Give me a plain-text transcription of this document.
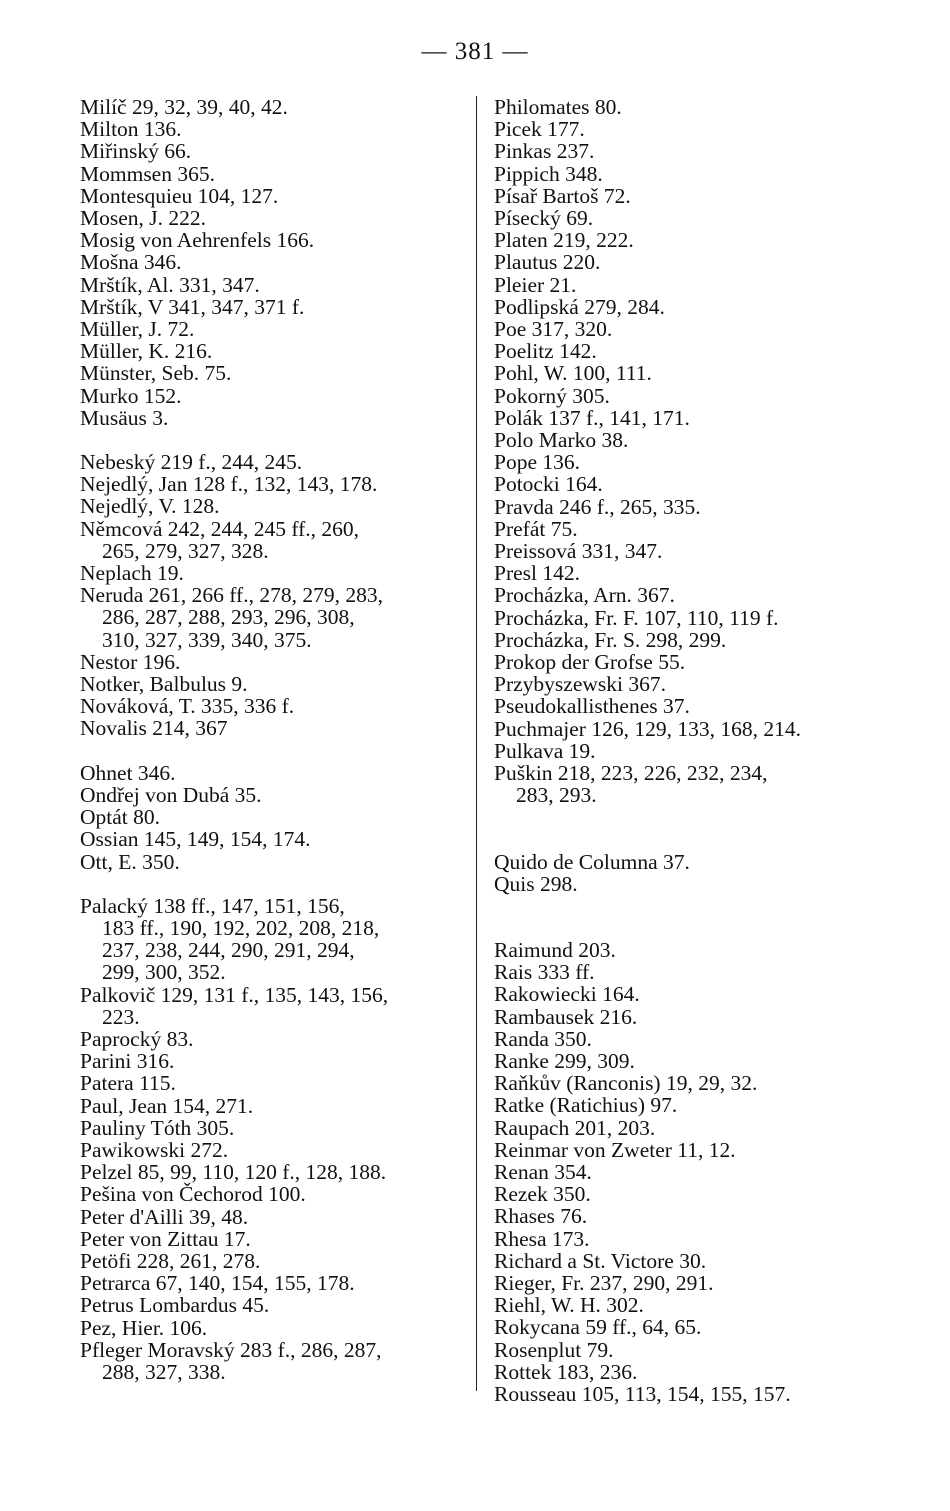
— 381 —
Milíč 29, 32, 39, 40, 42.
Milton 136.
Miřinský 66.
Mommsen 365.
Montesquieu 104, 127.
Mosen, J. 222.
Mosig von Aehrenfels 166.
Mošna 346.
Mrštík, Al. 331, 347.
Mrštík, V 341, 347, 371 f.
Müller, J. 72.
Müller, K. 216.
Münster, Seb. 75.
Murko 152.
Musäus 3.
Nebeský 219 f., 244, 245.
Nejedlý, Jan 128 f., 132, 143, 178.
Nejedlý, V. 128.
Němcová 242, 244, 245 ff., 260,
265, 279, 327, 328.
Neplach 19.
Neruda 261, 266 ff., 278, 279, 283,
286, 287, 288, 293, 296, 308,
310, 327, 339, 340, 375.
Nestor 196.
Notker, Balbulus 9.
Nováková, T. 335, 336 f.
Novalis 214, 367
Ohnet 346.
Ondřej von Dubá 35.
Optát 80.
Ossian 145, 149, 154, 174.
Ott, E. 350.
Palacký 138 ff., 147, 151, 156,
183 ff., 190, 192, 202, 208, 218,
237, 238, 244, 290, 291, 294,
299, 300, 352.
Palkovič 129, 131 f., 135, 143, 156,
223.
Paprocký 83.
Parini 316.
Patera 115.
Paul, Jean 154, 271.
Pauliny Tóth 305.
Pawikowski 272.
Pelzel 85, 99, 110, 120 f., 128, 188.
Pešina von Čechorod 100.
Peter d'Ailli 39, 48.
Peter von Zittau 17.
Petöfi 228, 261, 278.
Petrarca 67, 140, 154, 155, 178.
Petrus Lombardus 45.
Pez, Hier. 106.
Pfleger Moravský 283 f., 286, 287,
288, 327, 338.
Philomates 80.
Picek 177.
Pinkas 237.
Pippich 348.
Písař Bartoš 72.
Písecký 69.
Platen 219, 222.
Plautus 220.
Pleier 21.
Podlipská 279, 284.
Poe 317, 320.
Poelitz 142.
Pohl, W. 100, 111.
Pokorný 305.
Polák 137 f., 141, 171.
Polo Marko 38.
Pope 136.
Potocki 164.
Pravda 246 f., 265, 335.
Prefát 75.
Preissová 331, 347.
Presl 142.
Procházka, Arn. 367.
Procházka, Fr. F. 107, 110, 119 f.
Procházka, Fr. S. 298, 299.
Prokop der Grofse 55.
Przybyszewski 367.
Pseudokallisthenes 37.
Puchmajer 126, 129, 133, 168, 214.
Pulkava 19.
Puškin 218, 223, 226, 232, 234,
283, 293.
Quido de Columna 37.
Quis 298.
Raimund 203.
Rais 333 ff.
Rakowiecki 164.
Rambausek 216.
Randa 350.
Ranke 299, 309.
Raňkův (Ranconis) 19, 29, 32.
Ratke (Ratichius) 97.
Raupach 201, 203.
Reinmar von Zweter 11, 12.
Renan 354.
Rezek 350.
Rhases 76.
Rhesa 173.
Richard a St. Victore 30.
Rieger, Fr. 237, 290, 291.
Riehl, W. H. 302.
Rokycana 59 ff., 64, 65.
Rosenplut 79.
Rottek 183, 236.
Rousseau 105, 113, 154, 155, 157.
